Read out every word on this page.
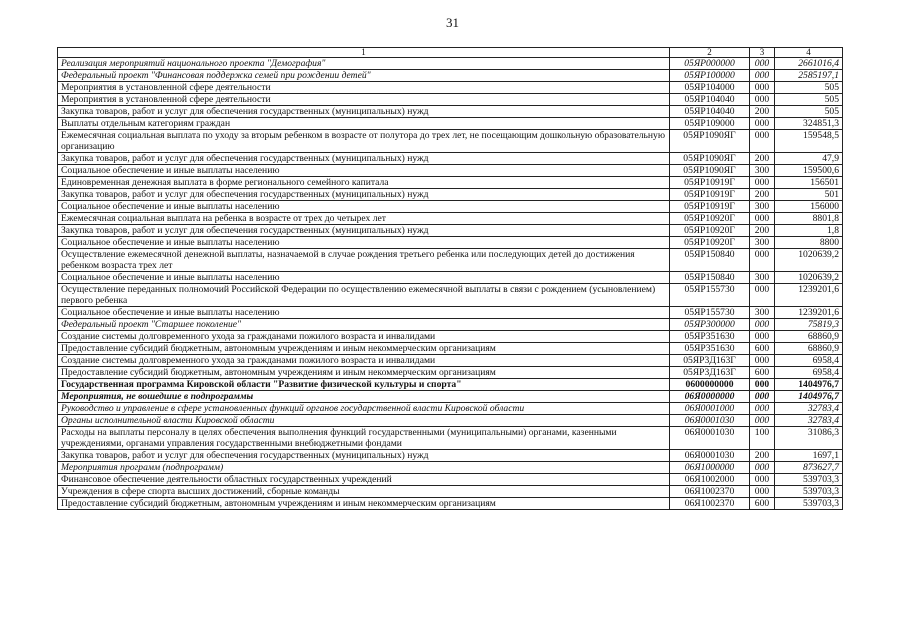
31
1	2	3	4
Реализация мероприятий национального проекта "Демография"	05ЯР000000	000	2661016,4
Федеральный проект "Финансовая поддержка семей при рождении детей"	05ЯР100000	000	2585197,1
Мероприятия в установленной сфере деятельности	05ЯР104000	000	505
Мероприятия в установленной сфере деятельности	05ЯР104040	000	505
Закупка товаров, работ и услуг для обеспечения государственных (муниципальных) нужд	05ЯР104040	200	505
Выплаты отдельным категориям граждан	05ЯР109000	000	324851,3
Ежемесячная социальная выплата по уходу за вторым ребенком в возрасте от полутора до трех лет, не посещающим дошкольную образовательную организацию	05ЯР1090ЯГ	000	159548,5
Закупка товаров, работ и услуг для обеспечения государственных (муниципальных) нужд	05ЯР1090ЯГ	200	47,9
Социальное обеспечение и иные выплаты населению	05ЯР1090ЯГ	300	159500,6
Единовременная денежная выплата в форме регионального семейного капитала	05ЯР10919Г	000	156501
Закупка товаров, работ и услуг для обеспечения государственных (муниципальных) нужд	05ЯР10919Г	200	501
Социальное обеспечение и иные выплаты населению	05ЯР10919Г	300	156000
Ежемесячная социальная выплата на ребенка в возрасте от трех до четырех лет	05ЯР10920Г	000	8801,8
Закупка товаров, работ и услуг для обеспечения государственных (муниципальных) нужд	05ЯР10920Г	200	1,8
Социальное обеспечение и иные выплаты населению	05ЯР10920Г	300	8800
Осуществление ежемесячной денежной выплаты, назначаемой в случае рождения третьего ребенка или последующих детей до достижения ребенком возраста трех лет	05ЯР150840	000	1020639,2
Социальное обеспечение и иные выплаты населению	05ЯР150840	300	1020639,2
Осуществление переданных полномочий Российской Федерации по осуществлению ежемесячной выплаты в связи с рождением (усыновлением) первого ребенка	05ЯР155730	000	1239201,6
Социальное обеспечение и иные выплаты населению	05ЯР155730	300	1239201,6
Федеральный проект "Старшее поколение"	05ЯР300000	000	75819,3
Создание системы долговременного ухода за гражданами пожилого возраста и инвалидами	05ЯР351630	000	68860,9
Предоставление субсидий бюджетным, автономным учреждениям и иным некоммерческим организациям	05ЯР351630	600	68860,9
Создание системы долговременного ухода за гражданами пожилого возраста и инвалидами	05ЯР3Д163Г	000	6958,4
Предоставление субсидий бюджетным, автономным учреждениям и иным некоммерческим организациям	05ЯР3Д163Г	600	6958,4
Государственная программа Кировской области "Развитие физической культуры и спорта"	0600000000	000	1404976,7
Мероприятия, не вошедшие в подпрограммы	06Я0000000	000	1404976,7
Руководство и управление в сфере установленных функций органов государственной власти Кировской области	06Я0001000	000	32783,4
Органы исполнительной власти Кировской области	06Я0001030	000	32783,4
Расходы на выплаты персоналу в целях обеспечения выполнения функций государственными (муниципальными) органами, казенными учреждениями, органами управления государственными внебюджетными фондами	06Я0001030	100	31086,3
Закупка товаров, работ и услуг для обеспечения государственных (муниципальных) нужд	06Я0001030	200	1697,1
Мероприятия программ (подпрограмм)	06Я1000000	000	873627,7
Финансовое обеспечение деятельности областных государственных учреждений	06Я1002000	000	539703,3
Учреждения в сфере спорта высших достижений, сборные команды	06Я1002370	000	539703,3
Предоставление субсидий бюджетным, автономным учреждениям и иным некоммерческим организациям	06Я1002370	600	539703,3
